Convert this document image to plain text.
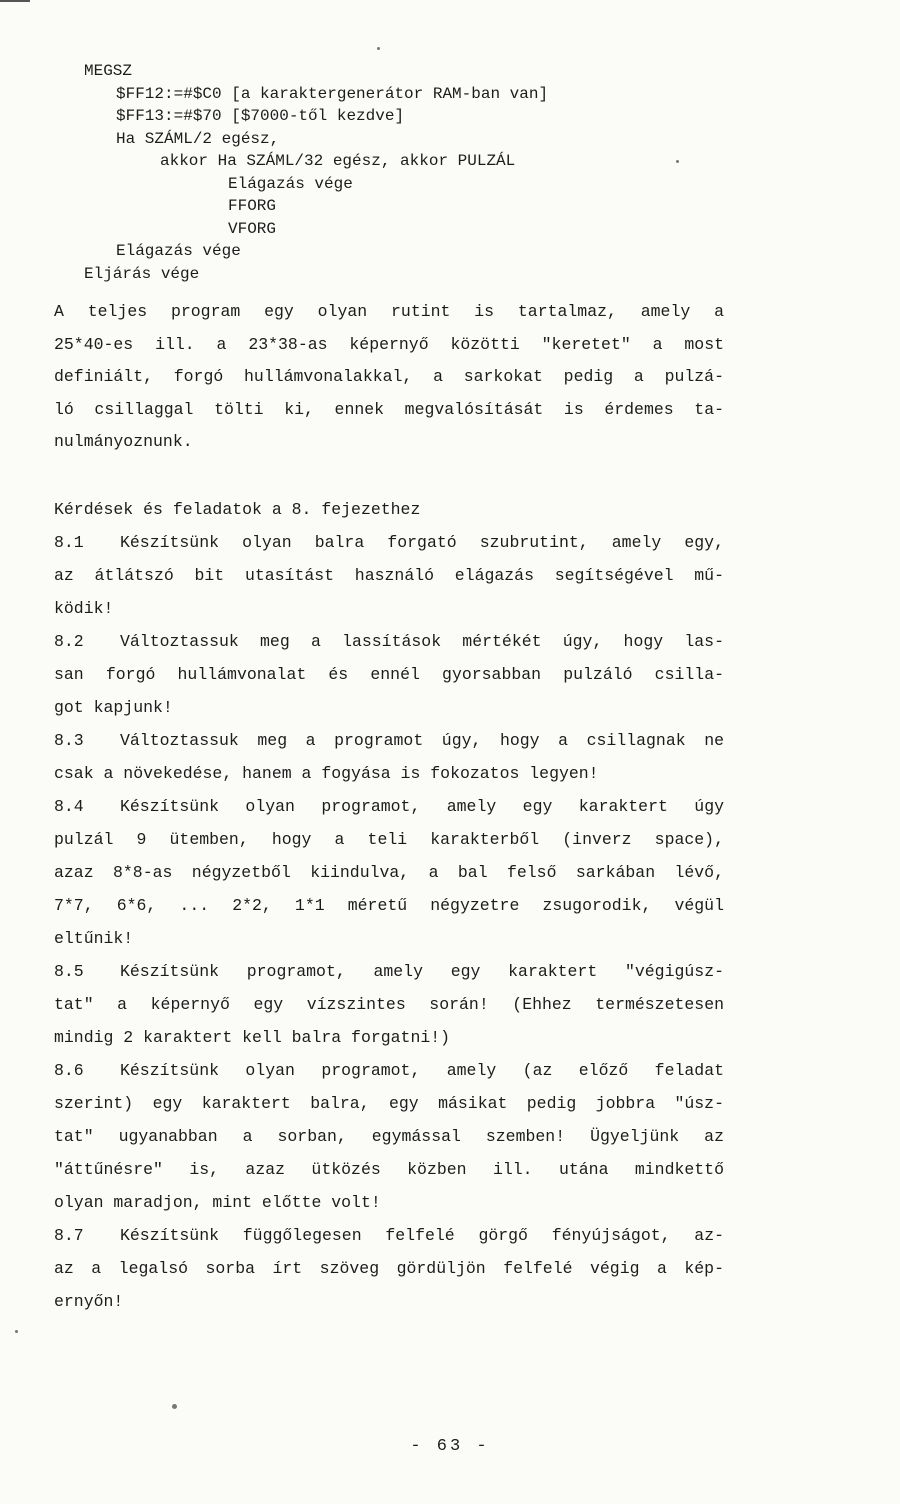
MEGSZ
$FF12:=#$C0 [a karaktergenerátor RAM-ban van]
$FF13:=#$70 [$7000-től kezdve]
Ha SZÁML/2 egész,
akkor Ha SZÁML/32 egész, akkor PULZÁL
Elágazás vége
FFORG
VFORG
Elágazás vége
Eljárás vége
A teljes program egy olyan rutint is tartalmaz, amely a
25*40-es ill. a 23*38-as képernyő közötti "keretet" a most
definiált, forgó hullámvonalakkal, a sarkokat pedig a pulzá-
ló csillaggal tölti ki, ennek megvalósítását is érdemes ta-
nulmányoznunk.
Kérdések és feladatok a 8. fejezethez
8.1	Készítsünk olyan balra forgató szubrutint, amely egy,
az átlátszó bit utasítást használó elágazás segítségével mű-
ködik!
8.2	Változtassuk meg a lassítások mértékét úgy, hogy las-
san forgó hullámvonalat és ennél gyorsabban pulzáló csilla-
got kapjunk!
8.3	Változtassuk meg a programot úgy, hogy a csillagnak ne
csak a növekedése, hanem a fogyása is fokozatos legyen!
8.4	Készítsünk olyan programot, amely egy karaktert úgy
pulzál 9 ütemben, hogy a teli karakterből (inverz space),
azaz 8*8-as négyzetből kiindulva, a bal felső sarkában lévő,
7*7, 6*6, ... 2*2, 1*1 méretű négyzetre zsugorodik, végül
eltűnik!
8.5	Készítsünk programot, amely egy karaktert "végigúsz-
tat" a képernyő egy vízszintes során! (Ehhez természetesen
mindig 2 karaktert kell balra forgatni!)
8.6	Készítsünk olyan programot, amely (az előző feladat
szerint) egy karaktert balra, egy másikat pedig jobbra "úsz-
tat" ugyanabban a sorban, egymással szemben! Ügyeljünk az
"áttűnésre" is, azaz ütközés közben ill. utána mindkettő
olyan maradjon, mint előtte volt!
8.7	Készítsünk függőlegesen felfelé görgő fényújságot, az-
az a legalsó sorba írt szöveg gördüljön felfelé végig a kép-
ernyőn!
- 63 -
